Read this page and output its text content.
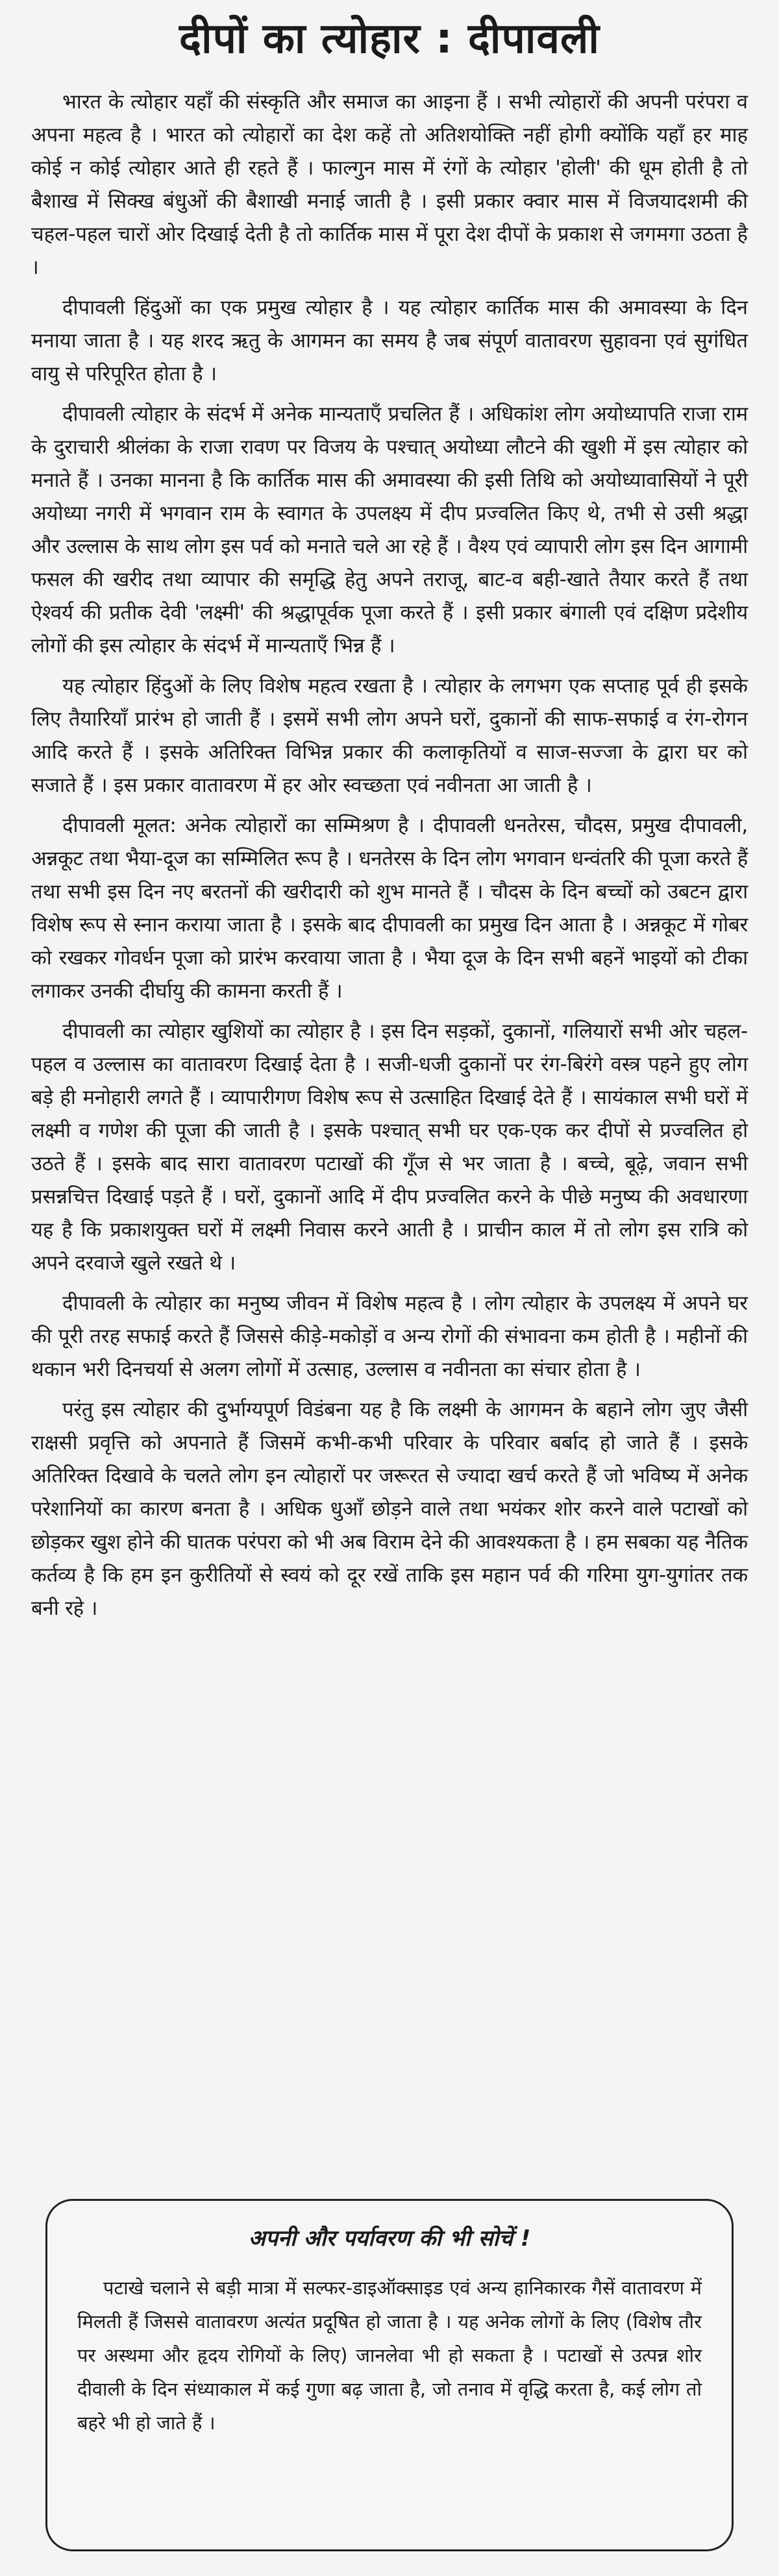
दीपों का त्योहार : दीपावली

भारत के त्योहार यहाँ की संस्कृति और समाज का आइना हैं । सभी त्योहारों की अपनी परंपरा व अपना महत्व है । भारत को त्योहारों का देश कहें तो अतिशयोक्ति नहीं होगी क्योंकि यहाँ हर माह कोई न कोई त्योहार आते ही रहते हैं । फाल्गुन मास में रंगों के त्योहार 'होली' की धूम होती है तो बैशाख में सिक्ख बंधुओं की बैशाखी मनाई जाती है । इसी प्रकार क्वार मास में विजयादशमी की चहल-पहल चारों ओर दिखाई देती है तो कार्तिक मास में पूरा देश दीपों के प्रकाश से जगमगा उठता है ।

दीपावली हिंदुओं का एक प्रमुख त्योहार है । यह त्योहार कार्तिक मास की अमावस्या के दिन मनाया जाता है । यह शरद ऋतु के आगमन का समय है जब संपूर्ण वातावरण सुहावना एवं सुगंधित वायु से परिपूरित होता है ।

दीपावली त्योहार के संदर्भ में अनेक मान्यताएँ प्रचलित हैं । अधिकांश लोग अयोध्यापति राजा राम के दुराचारी श्रीलंका के राजा रावण पर विजय के पश्चात् अयोध्या लौटने की खुशी में इस त्योहार को मनाते हैं । उनका मानना है कि कार्तिक मास की अमावस्या की इसी तिथि को अयोध्यावासियों ने पूरी अयोध्या नगरी में भगवान राम के स्वागत के उपलक्ष्य में दीप प्रज्वलित किए थे, तभी से उसी श्रद्धा और उल्लास के साथ लोग इस पर्व को मनाते चले आ रहे हैं । वैश्य एवं व्यापारी लोग इस दिन आगामी फसल की खरीद तथा व्यापार की समृद्धि हेतु अपने तराजू, बाट-व बही-खाते तैयार करते हैं तथा ऐश्वर्य की प्रतीक देवी 'लक्ष्मी' की श्रद्धापूर्वक पूजा करते हैं । इसी प्रकार बंगाली एवं दक्षिण प्रदेशीय लोगों की इस त्योहार के संदर्भ में मान्यताएँ भिन्न हैं ।

यह त्योहार हिंदुओं के लिए विशेष महत्व रखता है । त्योहार के लगभग एक सप्ताह पूर्व ही इसके लिए तैयारियाँ प्रारंभ हो जाती हैं । इसमें सभी लोग अपने घरों, दुकानों की साफ-सफाई व रंग-रोगन आदि करते हैं । इसके अतिरिक्त विभिन्न प्रकार की कलाकृतियों व साज-सज्जा के द्वारा घर को सजाते हैं । इस प्रकार वातावरण में हर ओर स्वच्छता एवं नवीनता आ जाती है ।

दीपावली मूलत: अनेक त्योहारों का सम्मिश्रण है । दीपावली धनतेरस, चौदस, प्रमुख दीपावली, अन्नकूट तथा भैया-दूज का सम्मिलित रूप है । धनतेरस के दिन लोग भगवान धन्वंतरि की पूजा करते हैं तथा सभी इस दिन नए बरतनों की खरीदारी को शुभ मानते हैं । चौदस के दिन बच्चों को उबटन द्वारा विशेष रूप से स्नान कराया जाता है । इसके बाद दीपावली का प्रमुख दिन आता है । अन्नकूट में गोबर को रखकर गोवर्धन पूजा को प्रारंभ करवाया जाता है । भैया दूज के दिन सभी बहनें भाइयों को टीका लगाकर उनकी दीर्घायु की कामना करती हैं ।

दीपावली का त्योहार खुशियों का त्योहार है । इस दिन सड़कों, दुकानों, गलियारों सभी ओर चहल-पहल व उल्लास का वातावरण दिखाई देता है । सजी-धजी दुकानों पर रंग-बिरंगे वस्त्र पहने हुए लोग बड़े ही मनोहारी लगते हैं । व्यापारीगण विशेष रूप से उत्साहित दिखाई देते हैं । सायंकाल सभी घरों में लक्ष्मी व गणेश की पूजा की जाती है । इसके पश्चात् सभी घर एक-एक कर दीपों से प्रज्वलित हो उठते हैं । इसके बाद सारा वातावरण पटाखों की गूँज से भर जाता है । बच्चे, बूढ़े, जवान सभी प्रसन्नचित्त दिखाई पड़ते हैं । घरों, दुकानों आदि में दीप प्रज्वलित करने के पीछे मनुष्य की अवधारणा यह है कि प्रकाशयुक्त घरों में लक्ष्मी निवास करने आती है । प्राचीन काल में तो लोग इस रात्रि को अपने दरवाजे खुले रखते थे ।

दीपावली के त्योहार का मनुष्य जीवन में विशेष महत्व है । लोग त्योहार के उपलक्ष्य में अपने घर की पूरी तरह सफाई करते हैं जिससे कीड़े-मकोड़ों व अन्य रोगों की संभावना कम होती है । महीनों की थकान भरी दिनचर्या से अलग लोगों में उत्साह, उल्लास व नवीनता का संचार होता है ।

परंतु इस त्योहार की दुर्भाग्यपूर्ण विडंबना यह है कि लक्ष्मी के आगमन के बहाने लोग जुए जैसी राक्षसी प्रवृत्ति को अपनाते हैं जिसमें कभी-कभी परिवार के परिवार बर्बाद हो जाते हैं । इसके अतिरिक्त दिखावे के चलते लोग इन त्योहारों पर जरूरत से ज्यादा खर्च करते हैं जो भविष्य में अनेक परेशानियों का कारण बनता है । अधिक धुआँ छोड़ने वाले तथा भयंकर शोर करने वाले पटाखों को छोड़कर खुश होने की घातक परंपरा को भी अब विराम देने की आवश्यकता है । हम सबका यह नैतिक कर्तव्य है कि हम इन कुरीतियों से स्वयं को दूर रखें ताकि इस महान पर्व की गरिमा युग-युगांतर तक बनी रहे ।

अपनी और पर्यावरण की भी सोचें !

पटाखे चलाने से बड़ी मात्रा में सल्फर-डाइऑक्साइड एवं अन्य हानिकारक गैसें वातावरण में मिलती हैं जिससे वातावरण अत्यंत प्रदूषित हो जाता है । यह अनेक लोगों के लिए (विशेष तौर पर अस्थमा और हृदय रोगियों के लिए) जानलेवा भी हो सकता है । पटाखों से उत्पन्न शोर दीवाली के दिन संध्याकाल में कई गुणा बढ़ जाता है, जो तनाव में वृद्धि करता है, कई लोग तो बहरे भी हो जाते हैं ।
